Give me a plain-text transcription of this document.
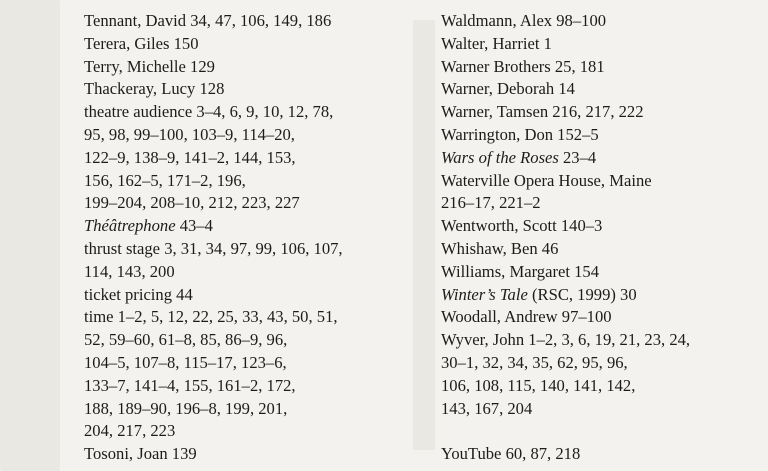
Tennant, David 34, 47, 106, 149, 186
Terera, Giles 150
Terry, Michelle 129
Thackeray, Lucy 128
theatre audience 3–4, 6, 9, 10, 12, 78,
95, 98, 99–100, 103–9, 114–20,
122–9, 138–9, 141–2, 144, 153,
156, 162–5, 171–2, 196,
199–204, 208–10, 212, 223, 227
Théâtrephone 43–4
thrust stage 3, 31, 34, 97, 99, 106, 107,
114, 143, 200
ticket pricing 44
time 1–2, 5, 12, 22, 25, 33, 43, 50, 51,
52, 59–60, 61–8, 85, 86–9, 96,
104–5, 107–8, 115–17, 123–6,
133–7, 141–4, 155, 161–2, 172,
188, 189–90, 196–8, 199, 201,
204, 217, 223
Tosoni, Joan 139
Waldmann, Alex 98–100
Walter, Harriet 1
Warner Brothers 25, 181
Warner, Deborah 14
Warner, Tamsen 216, 217, 222
Warrington, Don 152–5
Wars of the Roses 23–4
Waterville Opera House, Maine
216–17, 221–2
Wentworth, Scott 140–3
Whishaw, Ben 46
Williams, Margaret 154
Winter’s Tale (RSC, 1999) 30
Woodall, Andrew 97–100
Wyver, John 1–2, 3, 6, 19, 21, 23, 24,
30–1, 32, 34, 35, 62, 95, 96,
106, 108, 115, 140, 141, 142,
143, 167, 204
YouTube 60, 87, 218
